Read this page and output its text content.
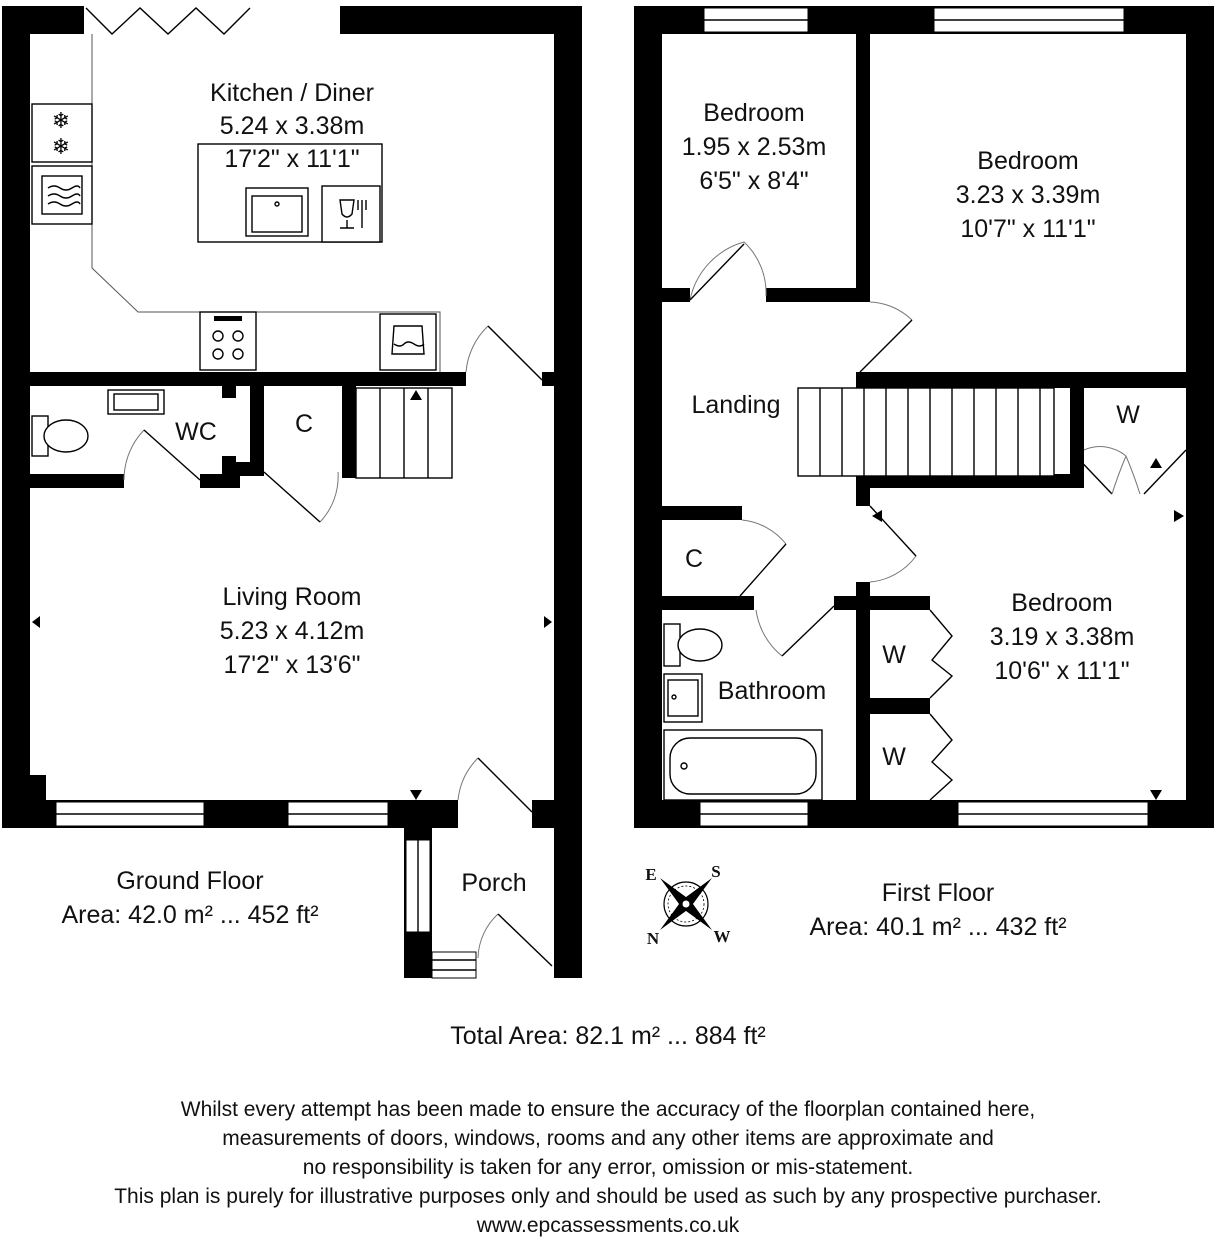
❄
❄
Kitchen / Diner
5.24 x 3.38m
17'2" x 11'1"
Living Room
5.23 x 4.12m
17'2" x 13'6"
WC	C
Porch
Bedroom
1.95 x 2.53m
6'5" x 8'4"
Bedroom
3.23 x 3.39m
10'7" x 11'1"
Bedroom
3.19 x 3.38m
10'6" x 11'1"
Landing
Bathroom
C
W
W
W
Ground Floor
Area: 42.0 m² ... 452 ft²
First Floor
Area: 40.1 m² ... 432 ft²
E	S
N	W

Total Area: 82.1 m² ... 884 ft²

Whilst every attempt has been made to ensure the accuracy of the floorplan contained here,
measurements of doors, windows, rooms and any other items are approximate and
no responsibility is taken for any error, omission or mis-statement.
This plan is purely for illustrative purposes only and should be used as such by any prospective purchaser.
www.epcassessments.co.uk
